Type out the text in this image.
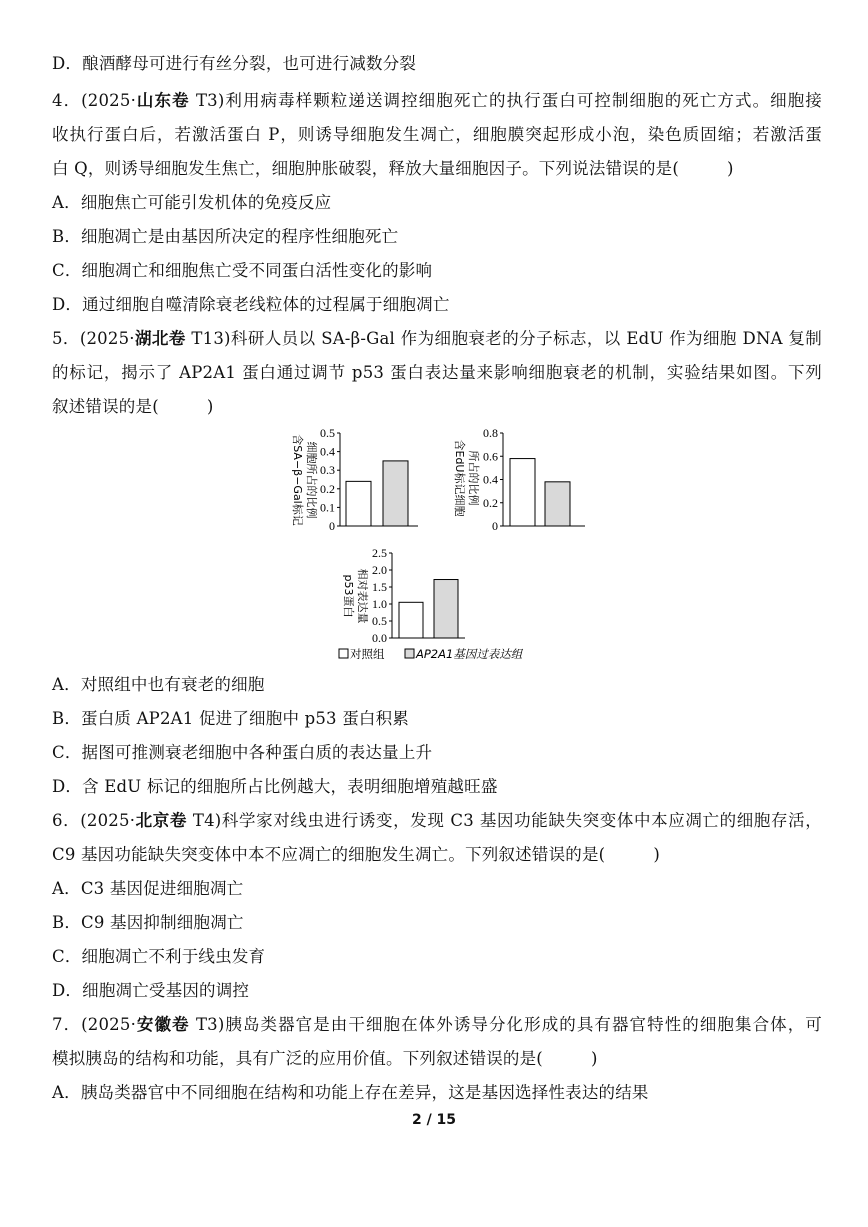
D．酿酒酵母可进行有丝分裂，也可进行减数分裂
4．(2025·山东卷 T3)利用病毒样颗粒递送调控细胞死亡的执行蛋白可控制细胞的死亡方式。细胞接
收执行蛋白后，若激活蛋白 P，则诱导细胞发生凋亡，细胞膜突起形成小泡，染色质固缩；若激活蛋
白 Q，则诱导细胞发生焦亡，细胞肿胀破裂，释放大量细胞因子。下列说法错误的是(	)
A．细胞焦亡可能引发机体的免疫反应
B．细胞凋亡是由基因所决定的程序性细胞死亡
C．细胞凋亡和细胞焦亡受不同蛋白活性变化的影响
D．通过细胞自噬清除衰老线粒体的过程属于细胞凋亡
5．(2025·湖北卷 T13)科研人员以 SA-β-Gal 作为细胞衰老的分子标志，以 EdU 作为细胞 DNA 复制
的标记，揭示了 AP2A1 蛋白通过调节 p53 蛋白表达量来影响细胞衰老的机制，实验结果如图。下列
叙述错误的是(	)
0
0.1
0.2
0.3
0.4
0.5
含SA−β−Gal标记 细胞所占的比例
0
0.2
0.4
0.6
0.8
含EdU标记细胞 所占的比例
0.0
0.5
1.0
1.5
2.0
2.5
p53蛋白 相对表达量
对照组	AP2A1基因过表达组
A．对照组中也有衰老的细胞
B．蛋白质 AP2A1 促进了细胞中 p53 蛋白积累
C．据图可推测衰老细胞中各种蛋白质的表达量上升
D．含 EdU 标记的细胞所占比例越大，表明细胞增殖越旺盛
6．(2025·北京卷 T4)科学家对线虫进行诱变，发现 C3 基因功能缺失突变体中本应凋亡的细胞存活，
C9 基因功能缺失突变体中本不应凋亡的细胞发生凋亡。下列叙述错误的是(	)
A．C3 基因促进细胞凋亡
B．C9 基因抑制细胞凋亡
C．细胞凋亡不利于线虫发育
D．细胞凋亡受基因的调控
7．(2025·安徽卷 T3)胰岛类器官是由干细胞在体外诱导分化形成的具有器官特性的细胞集合体，可
模拟胰岛的结构和功能，具有广泛的应用价值。下列叙述错误的是(	)
A．胰岛类器官中不同细胞在结构和功能上存在差异，这是基因选择性表达的结果
2 / 15
